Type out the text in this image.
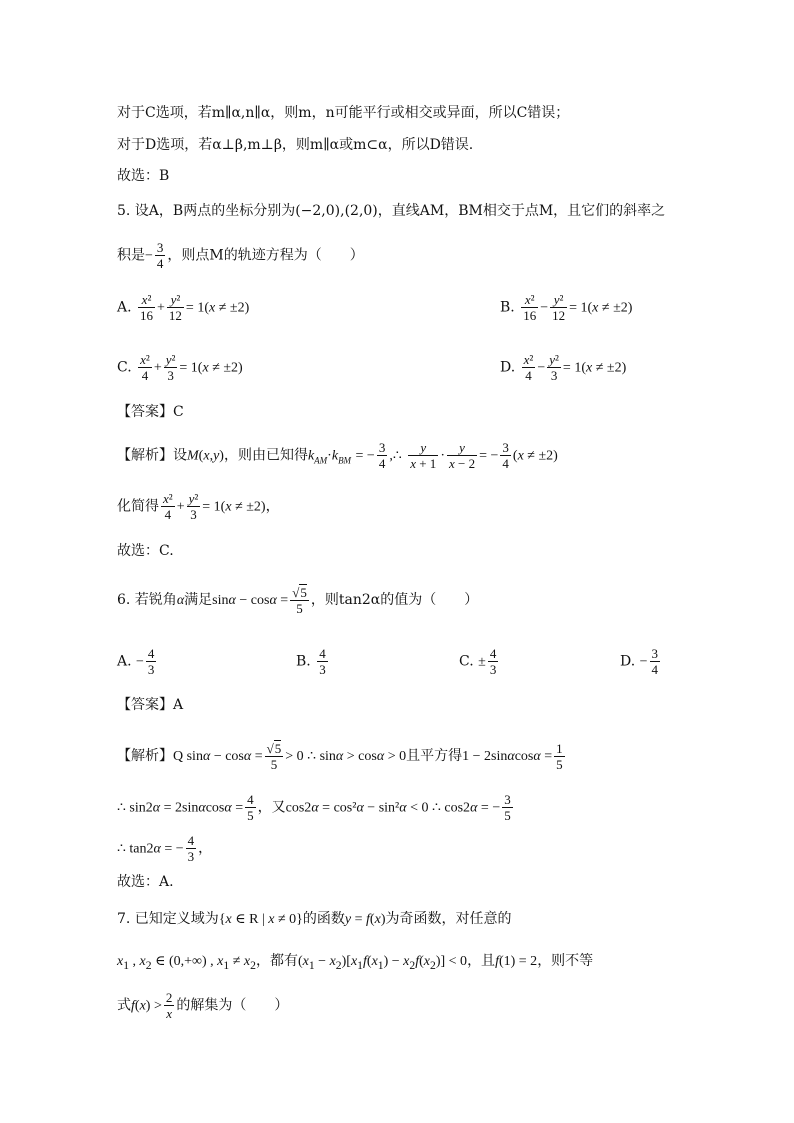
对于C选项，若m∥α,n∥α，则m，n可能平行或相交或异面，所以C错误；
对于D选项，若α⊥β,m⊥β，则m∥α或m⊂α，所以D错误.
故选：B
5. 设A，B两点的坐标分别为(−2,0),(2,0)，直线AM，BM相交于点M，且它们的斜率之
积是− $\frac{3}{4}$ ，则点M的轨迹方程为（　　）
A. $\frac{\text{x²}}{16} + \frac{\text{y²}}{12} = 1(x \ne \pm 2)$	B. $\frac{\text{x²}}{16} - \frac{\text{y²}}{12} = 1(x \ne \pm 2)$
C. $\frac{\text{x²}}{4} + \frac{\text{y²}}{3} = 1(x \ne \pm 2)$	D. $\frac{\text{x²}}{4} - \frac{\text{y²}}{3} = 1(x \ne \pm 2)$
【答案】C
【解析】设M(x,y)，则由已知得$k_{AM}\cdot k_{BM}$ = − $\frac{3}{4}$ ,∴ $\frac{y}{x + 1} \cdot \frac{y}{x - 2}$ = − $\frac{3}{4} (x \ne \pm 2)$
化简得 $\frac{\text{x²}}{4} + \frac{\text{y²}}{3} = 1(x \ne \pm 2)$，
故选：C.
6. 若锐角α满足$\sin\alpha - \cos\alpha = \frac{√5}{5}$ ，则tan2α的值为（　　）
A. − $\frac{4}{3}$	B. $\frac{4}{3}$	C. ± $\frac{4}{3}$	D. − $\frac{3}{4}$
【答案】A
【解析】Q $\sin\alpha - \cos\alpha = \frac{√5}{5} > 0$ ∴ sinα > cosα > 0且平方得$1 - 2\sin\alpha\cos\alpha = \frac{1}{5}$
∴ $\sin 2\alpha = 2\sin\alpha\cos\alpha = \frac{4}{5}$ ，又cos2α = cos²α − sin²α < 0 ∴ cos2α = − $\frac{3}{5}$
∴ tan2α = − $\frac{4}{3}$ ，
故选：A.
7. 已知定义域为{x ∈ R | x ≠ 0}的函数y = f(x)为奇函数，对任意的
$x_1$ , $x_2$ ∈ (0,+∞) , $x_1 \ne x_2$，都有$(x_1 - x_2)[x_1f(x_1) - x_2f(x_2)] < 0$，且f(1) = 2，则不等
式$f(x) > \frac{2}{x}$ 的解集为（　　）
